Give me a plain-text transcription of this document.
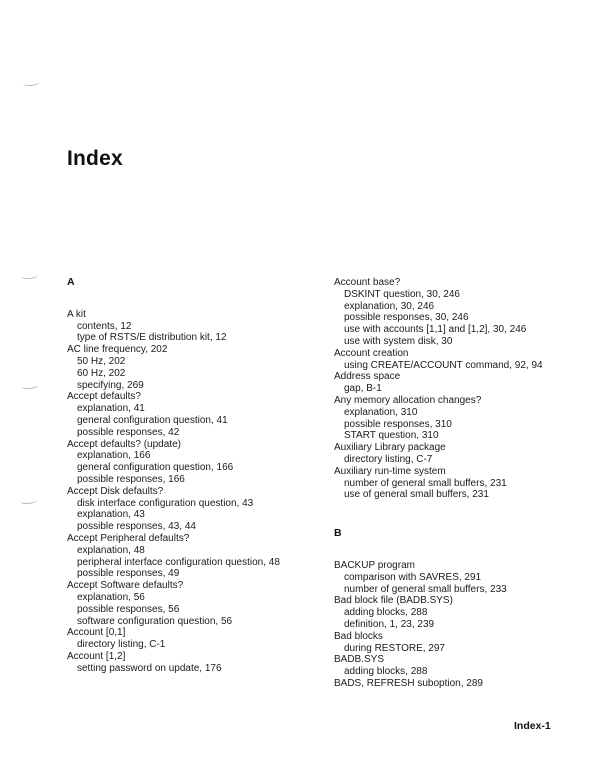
Index
A
A kit
contents, 12
type of RSTS/E distribution kit, 12
AC line frequency, 202
50 Hz, 202
60 Hz, 202
specifying, 269
Accept defaults?
explanation, 41
general configuration question, 41
possible responses, 42
Accept defaults? (update)
explanation, 166
general configuration question, 166
possible responses, 166
Accept Disk defaults?
disk interface configuration question, 43
explanation, 43
possible responses, 43, 44
Accept Peripheral defaults?
explanation, 48
peripheral interface configuration question, 48
possible responses, 49
Accept Software defaults?
explanation, 56
possible responses, 56
software configuration question, 56
Account [0,1]
directory listing, C-1
Account [1,2]
setting password on update, 176
Account base?
DSKINT question, 30, 246
explanation, 30, 246
possible responses, 30, 246
use with accounts [1,1] and [1,2], 30, 246
use with system disk, 30
Account creation
using CREATE/ACCOUNT command, 92, 94
Address space
gap, B-1
Any memory allocation changes?
explanation, 310
possible responses, 310
START question, 310
Auxiliary Library package
directory listing, C-7
Auxiliary run-time system
number of general small buffers, 231
use of general small buffers, 231
B
BACKUP program
comparison with SAVRES, 291
number of general small buffers, 233
Bad block file (BADB.SYS)
adding blocks, 288
definition, 1, 23, 239
Bad blocks
during RESTORE, 297
BADB.SYS
adding blocks, 288
BADS, REFRESH suboption, 289
Index-1
